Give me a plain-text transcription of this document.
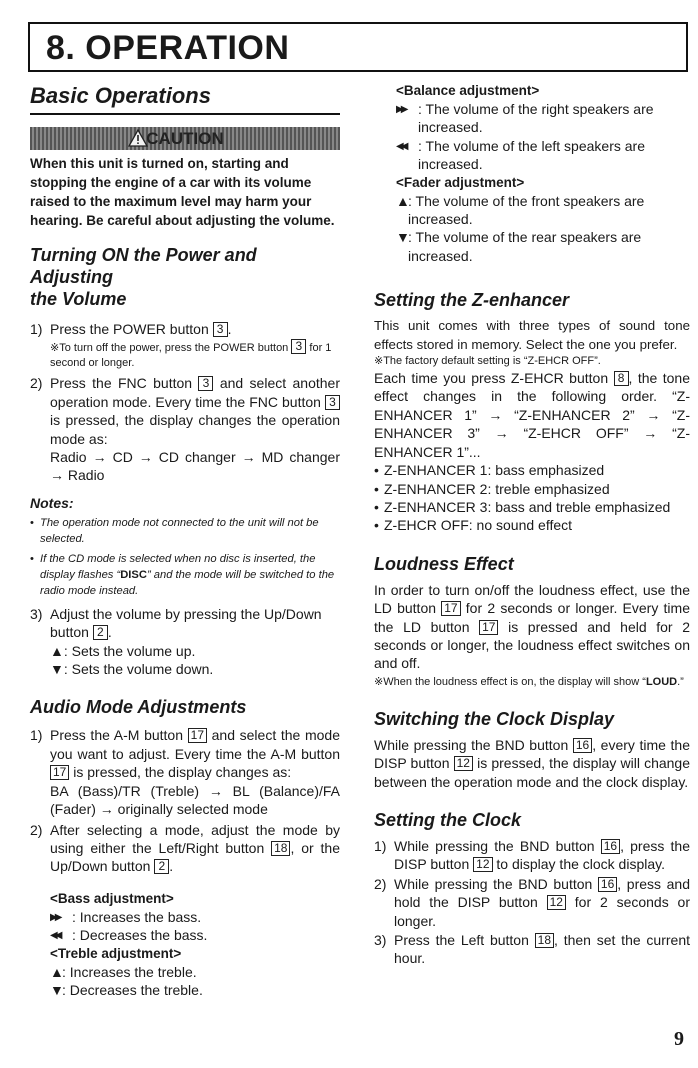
8. OPERATION
Basic Operations
CAUTION

When this unit is turned on, starting and stopping the engine of a car with its volume raised to the maximum level may harm your hearing. Be careful about adjusting the volume.

Turning ON the Power and Adjusting
the Volume
1) Press the POWER button 3 .
※To turn off the power, press the POWER button 3 for 1 second or longer.
2) Press the FNC button 3 and select another operation mode. Every time the FNC button 3 is pressed, the display changes the operation mode as:
Radio → CD → CD changer → MD changer → Radio
Notes:
• The operation mode not connected to the unit will not be selected.
• If the CD mode is selected when no disc is inserted, the display flashes “DISC” and the mode will be switched to the radio mode instead.
3) Adjust the volume by pressing the Up/Down button 2 .
▲: Sets the volume up.
▼: Sets the volume down.
Audio Mode Adjustments
1) Press the A-M button 17 and select the mode you want to adjust. Every time the A-M button 17 is pressed, the display changes as:
BA (Bass)/TR (Treble) → BL (Balance)/FA (Fader) → originally selected mode
2) After selecting a mode, adjust the mode by using either the Left/Right button 18 , or the Up/Down button 2 .
<Bass adjustment>
▶▶ : Increases the bass.
◀◀ : Decreases the bass.
<Treble adjustment>
▲
: Increases the treble.
▼
: Decreases the treble.
<Balance adjustment>
▶▶ : The volume of the right speakers are increased.
◀◀ : The volume of the left speakers are increased.
<Fader adjustment>
▲
: The volume of the front speakers are increased.
▼
: The volume of the rear speakers are increased.
Setting the Z-enhancer

This unit comes with three types of sound tone effects stored in memory. Select the one you prefer.

※The factory default setting is “Z-EHCR OFF”.

Each time you press Z-EHCR button 8 , the tone effect changes in the following order. “Z-ENHANCER 1” → “Z-ENHANCER 2” → “Z-ENHANCER 3” → “Z-EHCR OFF” → “Z-ENHANCER 1”...

• Z-ENHANCER 1: bass emphasized
• Z-ENHANCER 2: treble emphasized
• Z-ENHANCER 3: bass and treble emphasized
• Z-EHCR OFF: no sound effect
Loudness Effect

In order to turn on/off the loudness effect, use the LD button 17 for 2 seconds or longer. Every time the LD button 17 is pressed and held for 2 seconds or longer, the loudness effect switches on and off.

※When the loudness effect is on, the display will show “LOUD.”

Switching the Clock Display

While pressing the BND button 16 , every time the DISP button 12 is pressed, the display will change between the operation mode and the clock display.

Setting the Clock
1) While pressing the BND button 16 , press the DISP button 12 to display the clock display.
2) While pressing the BND button 16 , press and hold the DISP button 12 for 2 seconds or longer.
3) Press the Left button 18 , then set the current hour.
9
